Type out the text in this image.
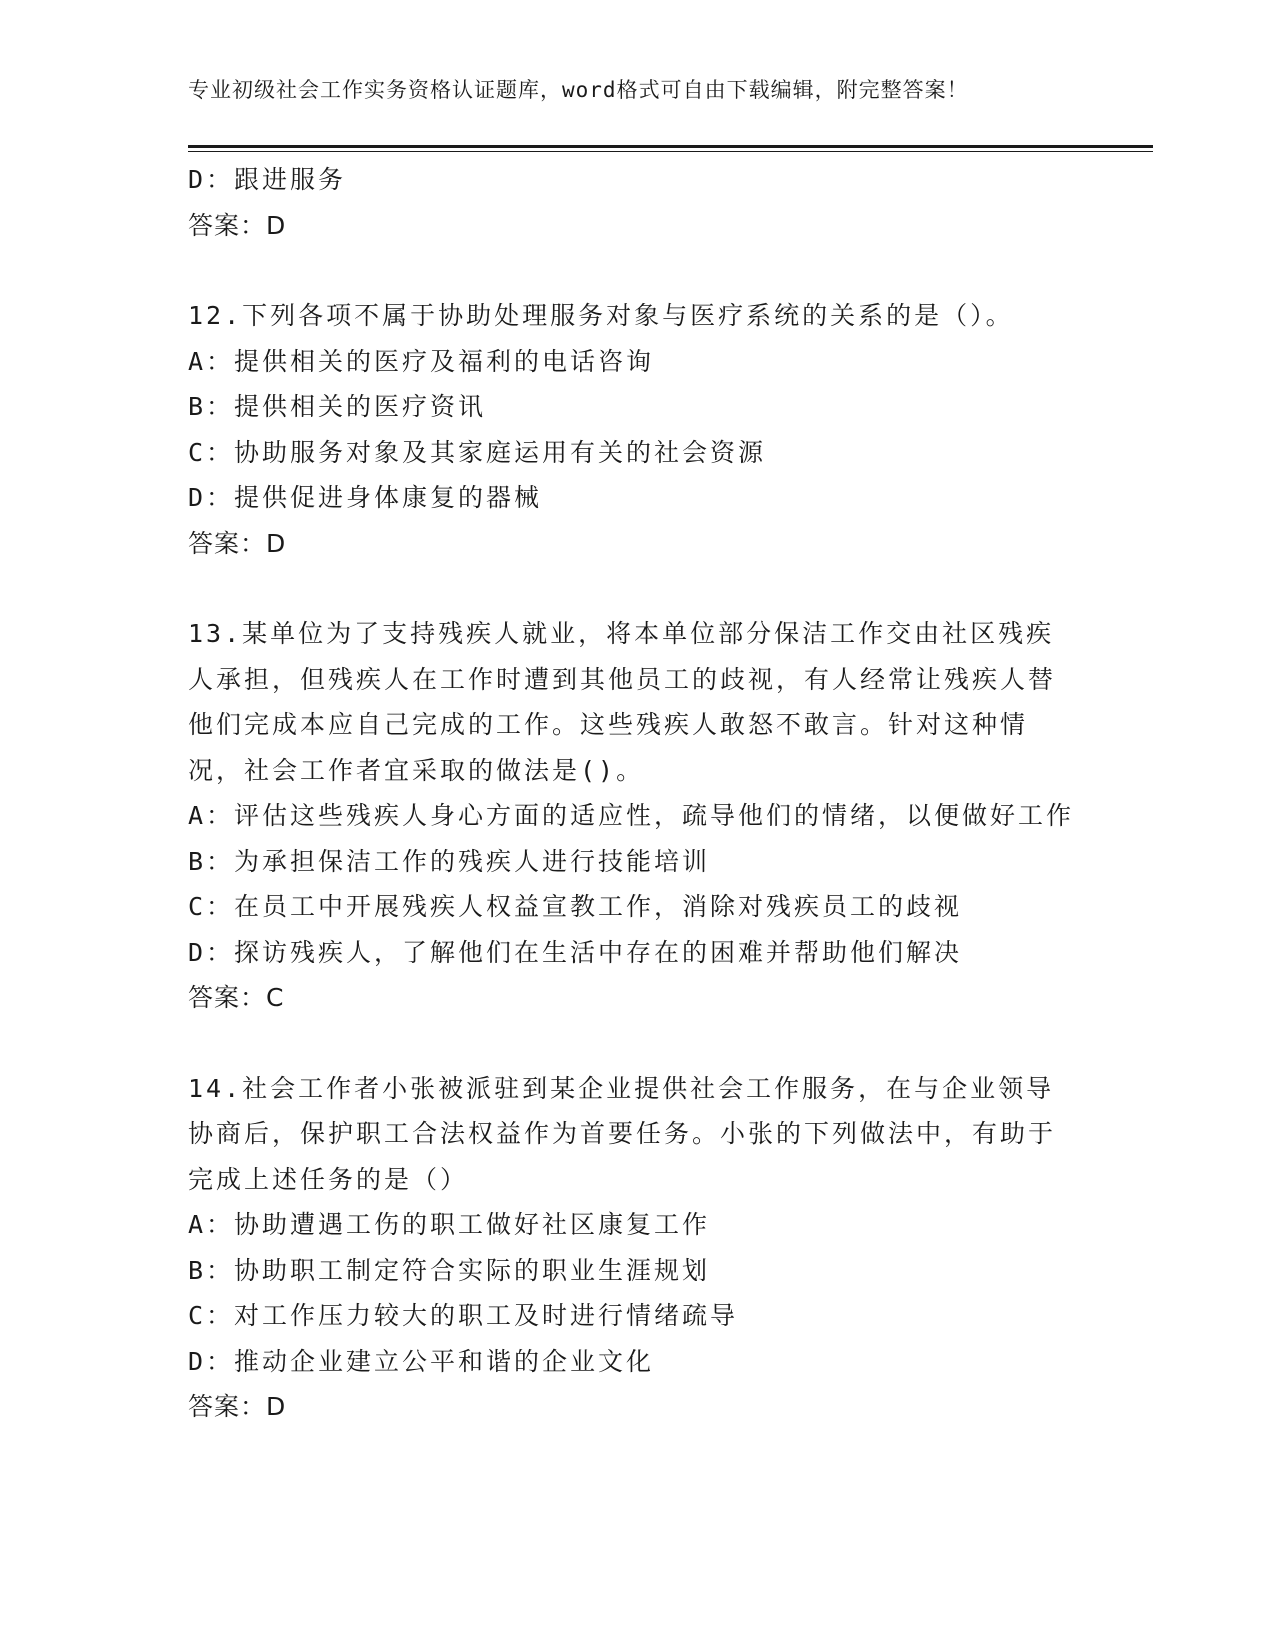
专业初级社会工作实务资格认证题库，word格式可自由下载编辑，附完整答案！
D：跟进服务
答案：D
12.下列各项不属于协助处理服务对象与医疗系统的关系的是（）。
A：提供相关的医疗及福利的电话咨询
B：提供相关的医疗资讯
C：协助服务对象及其家庭运用有关的社会资源
D：提供促进身体康复的器械
答案：D
13.某单位为了支持残疾人就业，将本单位部分保洁工作交由社区残疾人承担，但残疾人在工作时遭到其他员工的歧视，有人经常让残疾人替他们完成本应自己完成的工作。这些残疾人敢怒不敢言。针对这种情况，社会工作者宜采取的做法是()。
A：评估这些残疾人身心方面的适应性，疏导他们的情绪，以便做好工作
B：为承担保洁工作的残疾人进行技能培训
C：在员工中开展残疾人权益宣教工作，消除对残疾员工的歧视
D：探访残疾人，了解他们在生活中存在的困难并帮助他们解决
答案：C
14.社会工作者小张被派驻到某企业提供社会工作服务，在与企业领导协商后，保护职工合法权益作为首要任务。小张的下列做法中，有助于完成上述任务的是（）
A：协助遭遇工伤的职工做好社区康复工作
B：协助职工制定符合实际的职业生涯规划
C：对工作压力较大的职工及时进行情绪疏导
D：推动企业建立公平和谐的企业文化
答案：D
